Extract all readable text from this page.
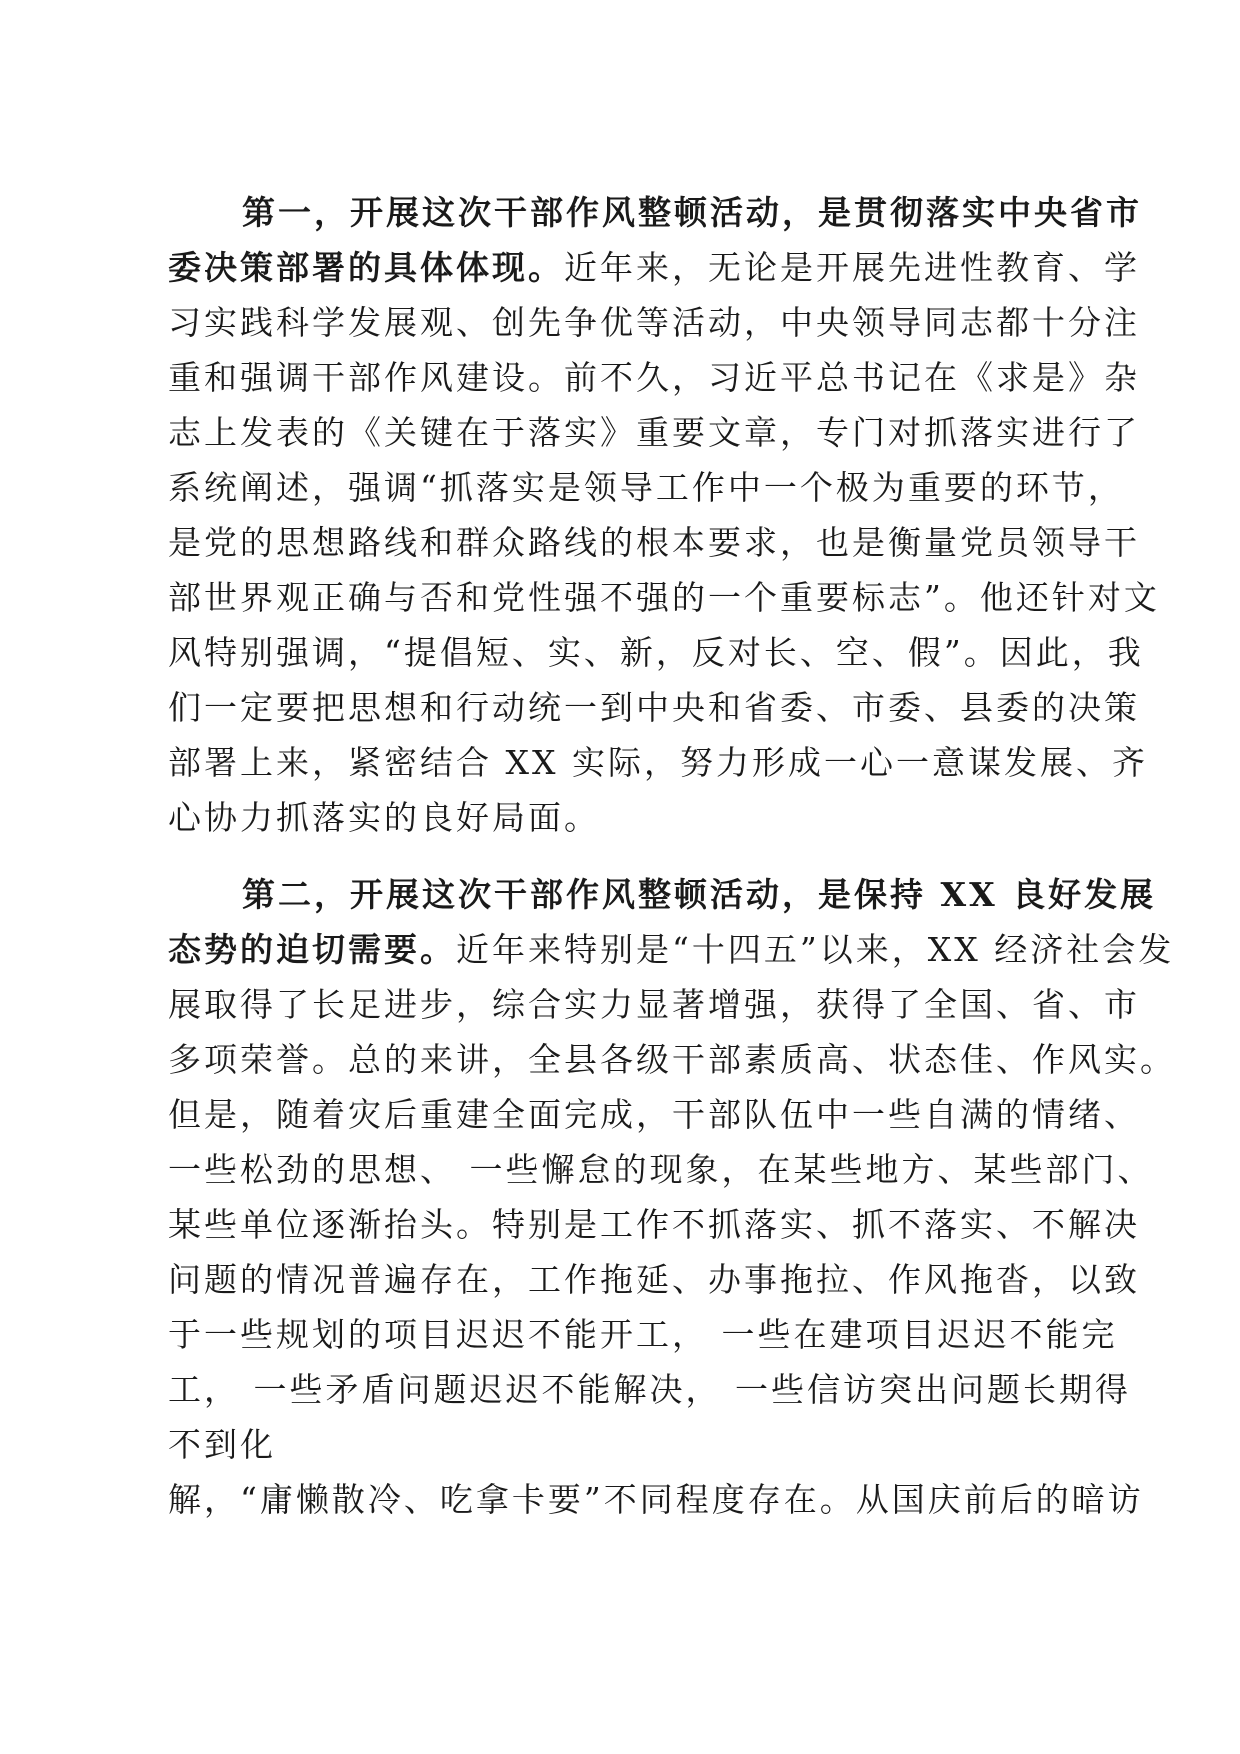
第一，开展这次干部作风整顿活动，是贯彻落实中央省市
委决策部署的具体体现。近年来，无论是开展先进性教育、学
习实践科学发展观、创先争优等活动，中央领导同志都十分注
重和强调干部作风建设。前不久，习近平总书记在《求是》杂
志上发表的《关键在于落实》重要文章，专门对抓落实进行了
系统阐述，强调“抓落实是领导工作中一个极为重要的环节，
是党的思想路线和群众路线的根本要求，也是衡量党员领导干
部世界观正确与否和党性强不强的一个重要标志”。他还针对文
风特别强调，“提倡短、实、新，反对长、空、假”。因此，我
们一定要把思想和行动统一到中央和省委、市委、县委的决策
部署上来，紧密结合 XX 实际，努力形成一心一意谋发展、齐
心协力抓落实的良好局面。
第二，开展这次干部作风整顿活动，是保持 XX 良好发展
态势的迫切需要。近年来特别是“十四五”以来，XX 经济社会发
展取得了长足进步，综合实力显著增强，获得了全国、省、市
多项荣誉。总的来讲，全县各级干部素质高、状态佳、作风实。
但是，随着灾后重建全面完成，干部队伍中一些自满的情绪、
一些松劲的思想、 一些懈怠的现象，在某些地方、某些部门、
某些单位逐渐抬头。特别是工作不抓落实、抓不落实、不解决
问题的情况普遍存在，工作拖延、办事拖拉、作风拖沓，以致
于一些规划的项目迟迟不能开工， 一些在建项目迟迟不能完
工， 一些矛盾问题迟迟不能解决， 一些信访突出问题长期得
不到化
解，“庸懒散冷、吃拿卡要”不同程度存在。从国庆前后的暗访
